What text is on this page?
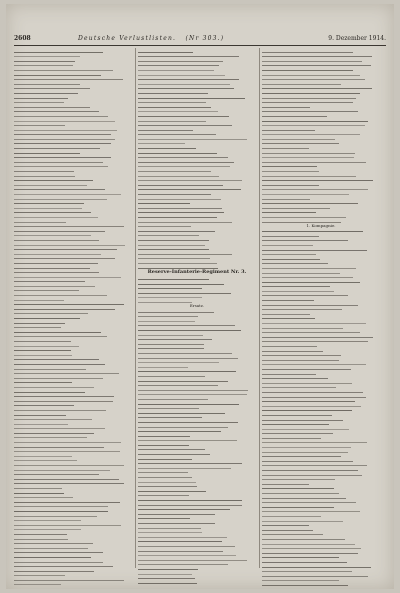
2608	Deutsche Verlustlisten. (Nr 303.)	9. Dezember 1914.
Reserve-Infanterie-Regiment Nr. 3.
Ersatz.
1. Kompagnie.
